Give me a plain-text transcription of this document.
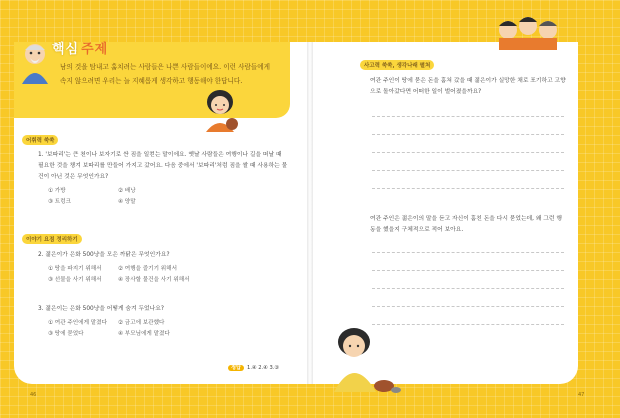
핵심 주제
남의 것을 탐내고 훔치려는 사람들은 나쁜 사람들이에요. 이런 사람들에게 속지 않으려면 우리는 늘 지혜롭게 생각하고 행동해야 한답니다.
어휘력 쑥쑥
1. '보따리'는 큰 천이나 보자기로 싼 짐을 일컫는 말이에요. 옛날 사람들은 여행이나 길을 떠날 때 필요한 것을 챙겨 보따리를 만들어 가지고 갔어요. 다음 중에서 '보따리'처럼 짐을 쌀 때 사용하는 물건이 아닌 것은 무엇인가요?
① 가방	② 배낭
③ 트렁크	④ 양말
이야기 요점 정리하기
2. 젊은이가 은화 500냥을 모은 까닭은 무엇인가요?
① 땅을 파지기 위해서	② 여행을 즐기기 위해서
③ 선물을 사기 위해서	④ 장사할 물건을 사기 위해서
3. 젊은이는 은화 500냥을 어떻게 숨겨 두었나요?
① 여관 주인에게 맡겼다	② 금고에 보관했다
③ 땅에 묻었다	④ 부모님에게 맡겼다
정답 1.④ 2.④ 3.③
사고력 쑥쑥, 생각나래 펼쳐
여관 주인이 땅에 묻은 돈을 훔쳐 갔을 때 젊은이가 실망한 채로 포기하고 고향으로 돌아갔다면 어떠한 일이 벌어졌을까요?
여관 주인은 젊은이의 말을 듣고 자신이 훔친 돈을 다시 묻었는데, 왜 그런 행동을 했을지 구체적으로 적어 보아요.
46	47
